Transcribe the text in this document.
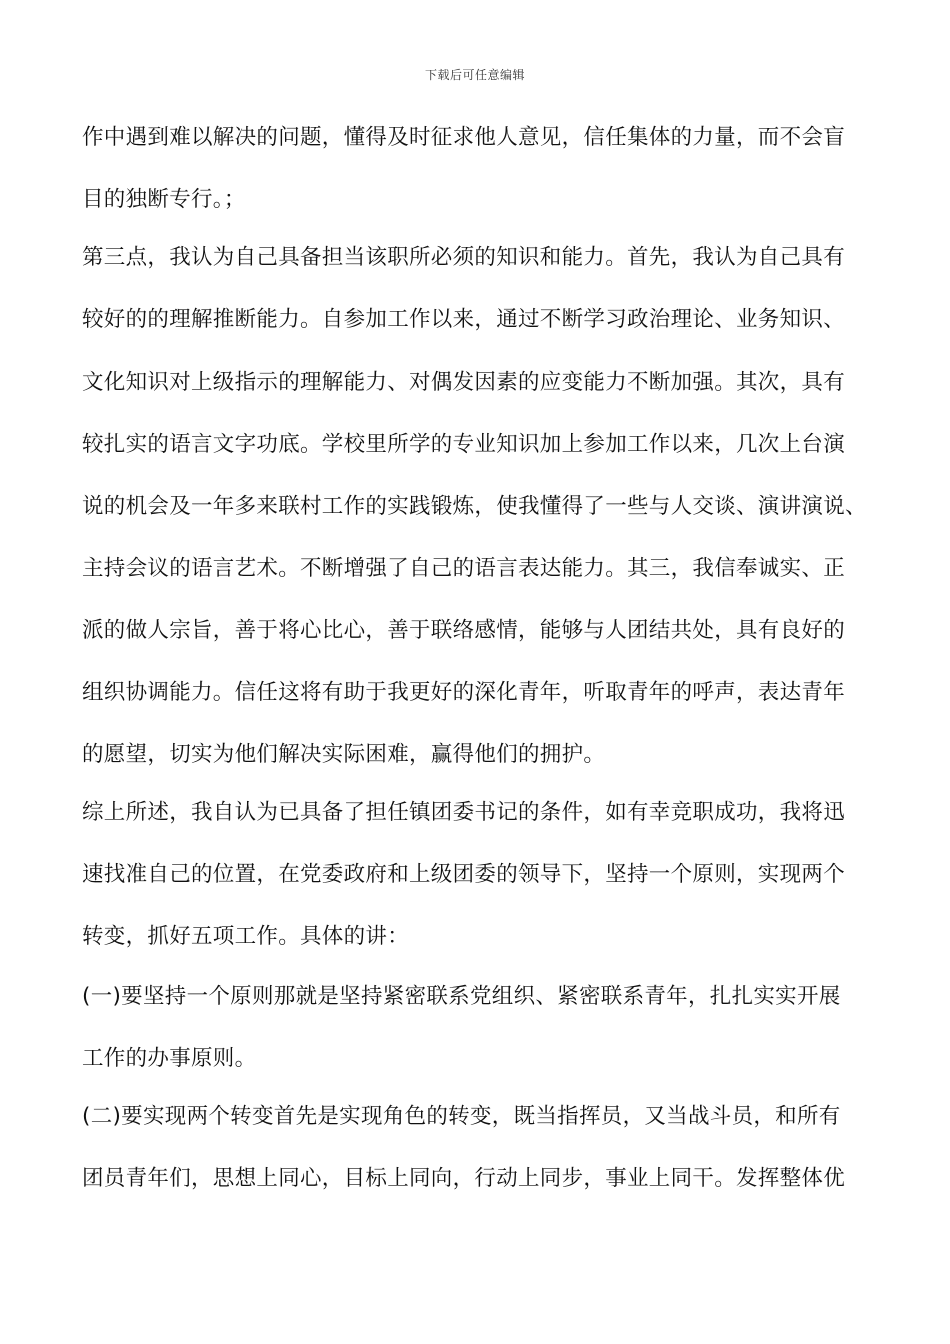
下载后可任意编辑
作中遇到难以解决的问题，懂得及时征求他人意见，信任集体的力量，而不会盲
目的独断专行。；
第三点，我认为自己具备担当该职所必须的知识和能力。首先，我认为自己具有
较好的的理解推断能力。自参加工作以来，通过不断学习政治理论、业务知识、
文化知识对上级指示的理解能力、对偶发因素的应变能力不断加强。其次，具有
较扎实的语言文字功底。学校里所学的专业知识加上参加工作以来，几次上台演
说的机会及一年多来联村工作的实践锻炼，使我懂得了一些与人交谈、演讲演说、
主持会议的语言艺术。不断增强了自己的语言表达能力。其三，我信奉诚实、正
派的做人宗旨，善于将心比心，善于联络感情，能够与人团结共处，具有良好的
组织协调能力。信任这将有助于我更好的深化青年，听取青年的呼声，表达青年
的愿望，切实为他们解决实际困难，赢得他们的拥护。
综上所述，我自认为已具备了担任镇团委书记的条件，如有幸竞职成功，我将迅
速找准自己的位置，在党委政府和上级团委的领导下，坚持一个原则，实现两个
转变，抓好五项工作。具体的讲：
(一)要坚持一个原则那就是坚持紧密联系党组织、紧密联系青年，扎扎实实开展
工作的办事原则。
(二)要实现两个转变首先是实现角色的转变，既当指挥员，又当战斗员，和所有
团员青年们，思想上同心，目标上同向，行动上同步，事业上同干。发挥整体优
